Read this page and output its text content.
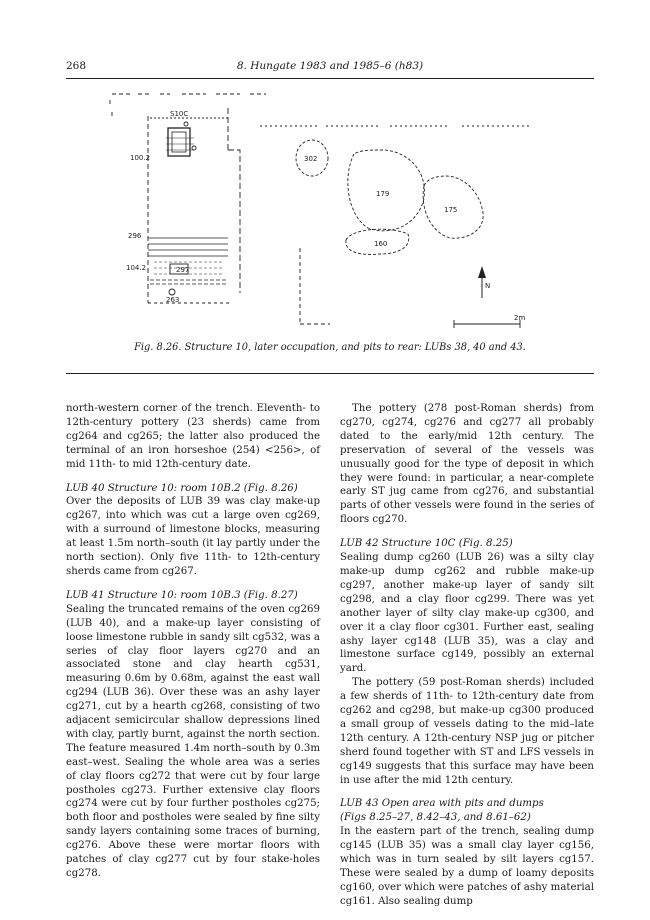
268	8. Hungate 1983 and 1985–6 (h83)
S10C
100.2	302
179
175
160
296
104.2	297
263
N
2m
Fig. 8.26. Structure 10, later occupation, and pits to rear: LUBs 38, 40 and 43.

north-western corner of the trench. Eleventh- to 12th-century pottery (23 sherds) came from cg264 and cg265; the latter also produced the terminal of an iron horseshoe (254) <256>, of mid 11th- to mid 12th-century date.

LUB 40 Structure 10: room 10B.2 (Fig. 8.26)

Over the deposits of LUB 39 was clay make-up cg267, into which was cut a large oven cg269, with a surround of limestone blocks, measuring at least 1.5m north–south (it lay partly under the north section). Only five 11th- to 12th-century sherds came from cg267.

LUB 41 Structure 10: room 10B.3 (Fig. 8.27)

Sealing the truncated remains of the oven cg269 (LUB 40), and a make-up layer consisting of loose limestone rubble in sandy silt cg532, was a series of clay floor layers cg270 and an associated stone and clay hearth cg531, measuring 0.6m by 0.68m, against the east wall cg294 (LUB 36). Over these was an ashy layer cg271, cut by a hearth cg268, consisting of two adjacent semicircular shallow depressions lined with clay, partly burnt, against the north section. The feature measured 1.4m north–south by 0.3m east–west. Sealing the whole area was a series of clay floors cg272 that were cut by four large postholes cg273. Further extensive clay floors cg274 were cut by four further postholes cg275; both floor and postholes were sealed by fine silty sandy layers containing some traces of burning, cg276. Above these were mortar floors with patches of clay cg277 cut by four stake-holes cg278.

The pottery (278 post-Roman sherds) from cg270, cg274, cg276 and cg277 all probably dated to the early/mid 12th century. The preservation of several of the vessels was unusually good for the type of deposit in which they were found: in particular, a near-complete early ST jug came from cg276, and substantial parts of other vessels were found in the series of floors cg270.

LUB 42 Structure 10C (Fig. 8.25)

Sealing dump cg260 (LUB 26) was a silty clay make-up dump cg262 and rubble make-up cg297, another make-up layer of sandy silt cg298, and a clay floor cg299. There was yet another layer of silty clay make-up cg300, and over it a clay floor cg301. Further east, sealing ashy layer cg148 (LUB 35), was a clay and limestone surface cg149, possibly an external yard.

The pottery (59 post-Roman sherds) included a few sherds of 11th- to 12th-century date from cg262 and cg298, but make-up cg300 produced a small group of vessels dating to the mid–late 12th century. A 12th-century NSP jug or pitcher sherd found together with ST and LFS vessels in cg149 suggests that this surface may have been in use after the mid 12th century.

LUB 43 Open area with pits and dumps
(Figs 8.25–27, 8.42–43, and 8.61–62)

In the eastern part of the trench, sealing dump cg145 (LUB 35) was a small clay layer cg156, which was in turn sealed by silt layers cg157. These were sealed by a dump of loamy deposits cg160, over which were patches of ashy material cg161. Also sealing dump
